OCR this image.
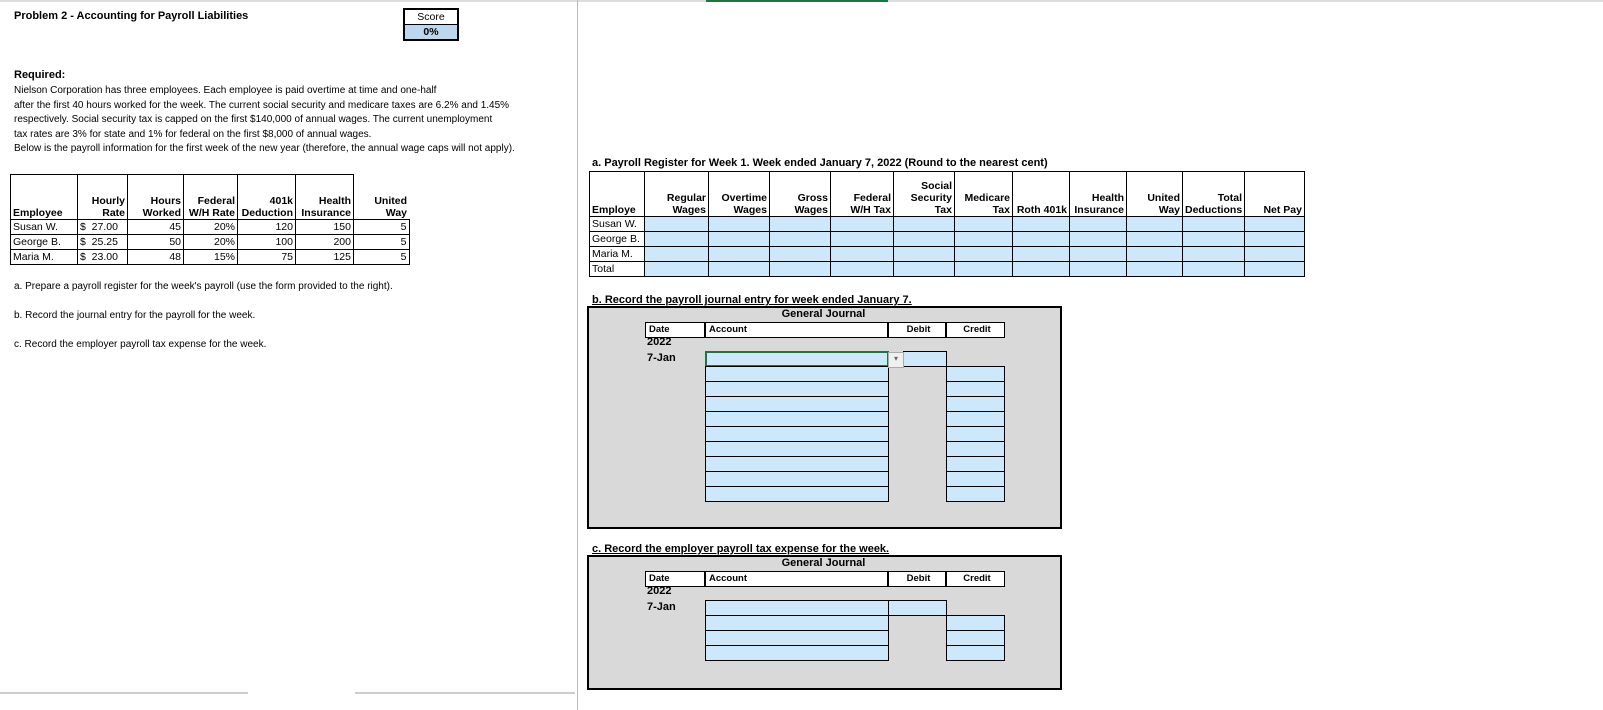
Problem 2 - Accounting for Payroll Liabilities	Score
0%
Required:
Nielson Corporation has three employees. Each employee is paid overtime at time and one-half
after the first 40 hours worked for the week. The current social security and medicare taxes are 6.2% and 1.45%
respectively. Social security tax is capped on the first $140,000 of annual wages. The current unemployment
tax rates are 3% for state and 1% for federal on the first $8,000 of annual wages.
Below is the payroll information for the first week of the new year (therefore, the annual wage caps will not apply).
Employee	Hourly Rate	Hours Worked	Federal W/H Rate	401k Deduction	Health Insurance	United Way
Susan W.	$  27.00	45	20%	120	150	5
George B.	$  25.25	50	20%	100	200	5
Maria M.	$  23.00	48	15%	75	125	5
a. Prepare a payroll register for the week's payroll (use the form provided to the right).
b. Record the journal entry for the payroll for the week.
c. Record the employer payroll tax expense for the week.
a. Payroll Register for Week 1. Week ended January 7, 2022 (Round to the nearest cent)
Employe	Regular Wages	Overtime Wages	Gross Wages	Federal W/H Tax	Social Security Tax	Medicare Tax	Roth 401k	Health Insurance	United Way	Total Deductions	Net Pay
Susan W.											
George B.											
Maria M.											
Total											
b. Record the payroll journal entry for week ended January 7.
General Journal
Date	Account	Debit	Credit
2022
7-Jan	▾
c. Record the employer payroll tax expense for the week.
General Journal
Date	Account	Debit	Credit
2022
7-Jan
